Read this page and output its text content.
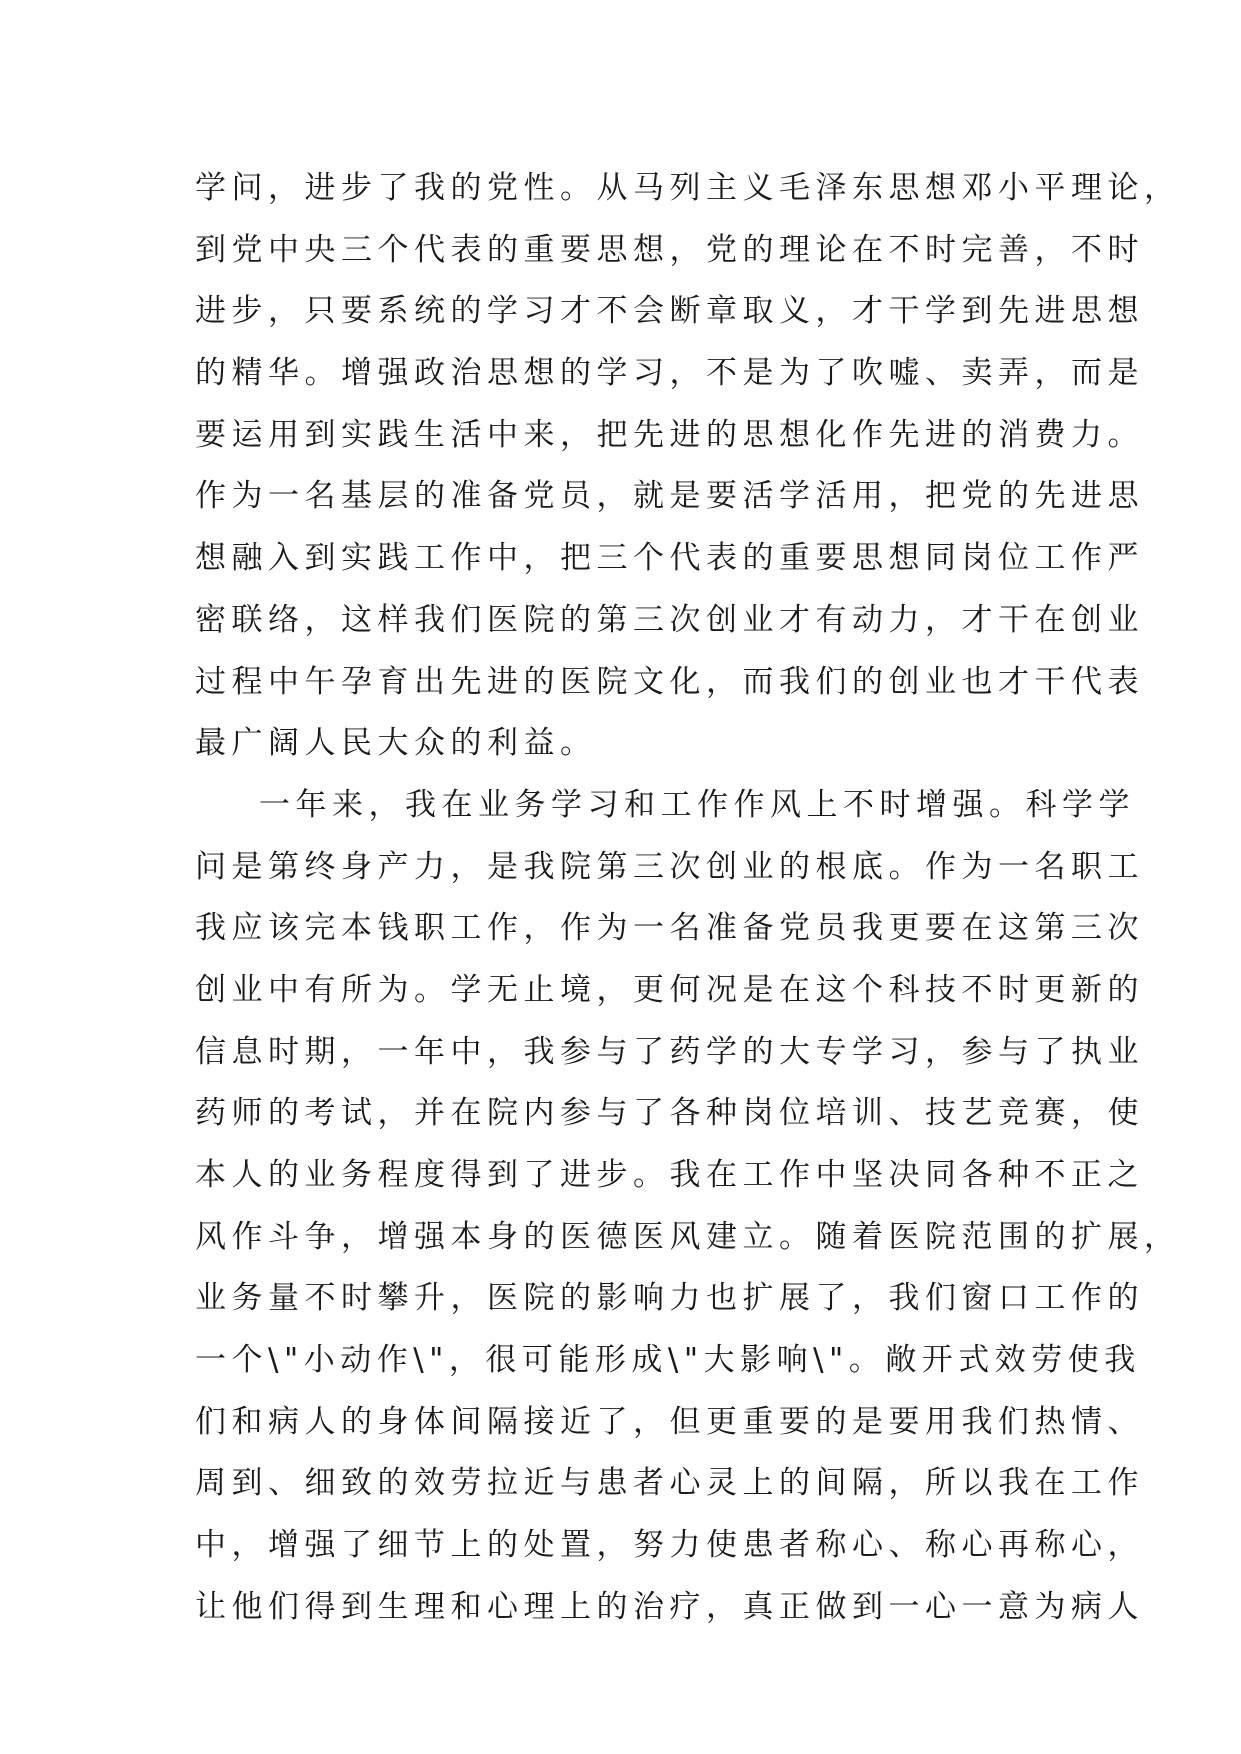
学问，进步了我的党性。从马列主义毛泽东思想邓小平理论，
到党中央三个代表的重要思想，党的理论在不时完善，不时
进步，只要系统的学习才不会断章取义，才干学到先进思想
的精华。增强政治思想的学习，不是为了吹嘘、卖弄，而是
要运用到实践生活中来，把先进的思想化作先进的消费力。
作为一名基层的准备党员，就是要活学活用，把党的先进思
想融入到实践工作中，把三个代表的重要思想同岗位工作严
密联络，这样我们医院的第三次创业才有动力，才干在创业
过程中午孕育出先进的医院文化，而我们的创业也才干代表
最广阔人民大众的利益。
一年来，我在业务学习和工作作风上不时增强。科学学
问是第终身产力，是我院第三次创业的根底。作为一名职工
我应该完本钱职工作，作为一名准备党员我更要在这第三次
创业中有所为。学无止境，更何况是在这个科技不时更新的
信息时期，一年中，我参与了药学的大专学习，参与了执业
药师的考试，并在院内参与了各种岗位培训、技艺竞赛，使
本人的业务程度得到了进步。我在工作中坚决同各种不正之
风作斗争，增强本身的医德医风建立。随着医院范围的扩展，
业务量不时攀升，医院的影响力也扩展了，我们窗口工作的
一个\"小动作\"，很可能形成\"大影响\"。敞开式效劳使我
们和病人的身体间隔接近了，但更重要的是要用我们热情、
周到、细致的效劳拉近与患者心灵上的间隔，所以我在工作
中，增强了细节上的处置，努力使患者称心、称心再称心，
让他们得到生理和心理上的治疗，真正做到一心一意为病人
